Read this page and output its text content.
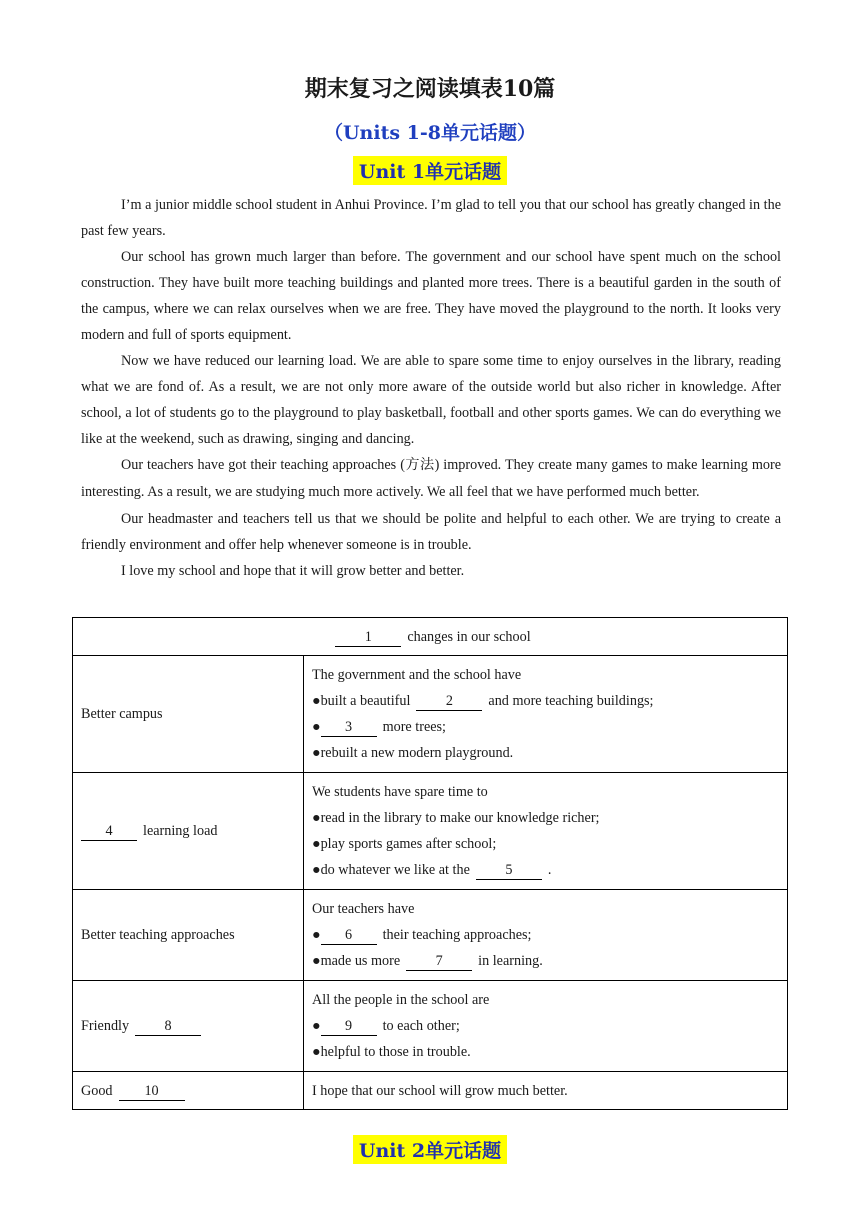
期末复习之阅读填表10篇
（Units 1-8单元话题）
Unit 1单元话题

I’m a junior middle school student in Anhui Province. I’m glad to tell you that our school has greatly changed in the past few years.

Our school has grown much larger than before. The government and our school have spent much on the school construction. They have built more teaching buildings and planted more trees. There is a beautiful garden in the south of the campus, where we can relax ourselves when we are free. They have moved the playground to the north. It looks very modern and full of sports equipment.

Now we have reduced our learning load. We are able to spare some time to enjoy ourselves in the library, reading what we are fond of. As a result, we are not only more aware of the outside world but also richer in knowledge. After school, a lot of students go to the playground to play basketball, football and other sports games. We can do everything we like at the weekend, such as drawing, singing and dancing.

Our teachers have got their teaching approaches (方法) improved. They create many games to make learning more interesting. As a result, we are studying much more actively. We all feel that we have performed much better.

Our headmaster and teachers tell us that we should be polite and helpful to each other. We are trying to create a friendly environment and offer help whenever someone is in trouble.

I love my school and hope that it will grow better and better.

1 changes in our school	
Better campus	The government and the school have
●built a beautiful 2 and more teaching buildings;
● 3 more trees;
●rebuilt a new modern playground.

4 learning load	We students have spare time to
●read in the library to make our knowledge richer;
●play sports games after school;
●do whatever we like at the 5 .

Better teaching approaches	Our teachers have
● 6 their teaching approaches;
●made us more 7 in learning.

Friendly 8	All the people in the school are
● 9 to each other;
●helpful to those in trouble.

Good 10	I hope that our school will grow much better.
Unit 2单元话题
